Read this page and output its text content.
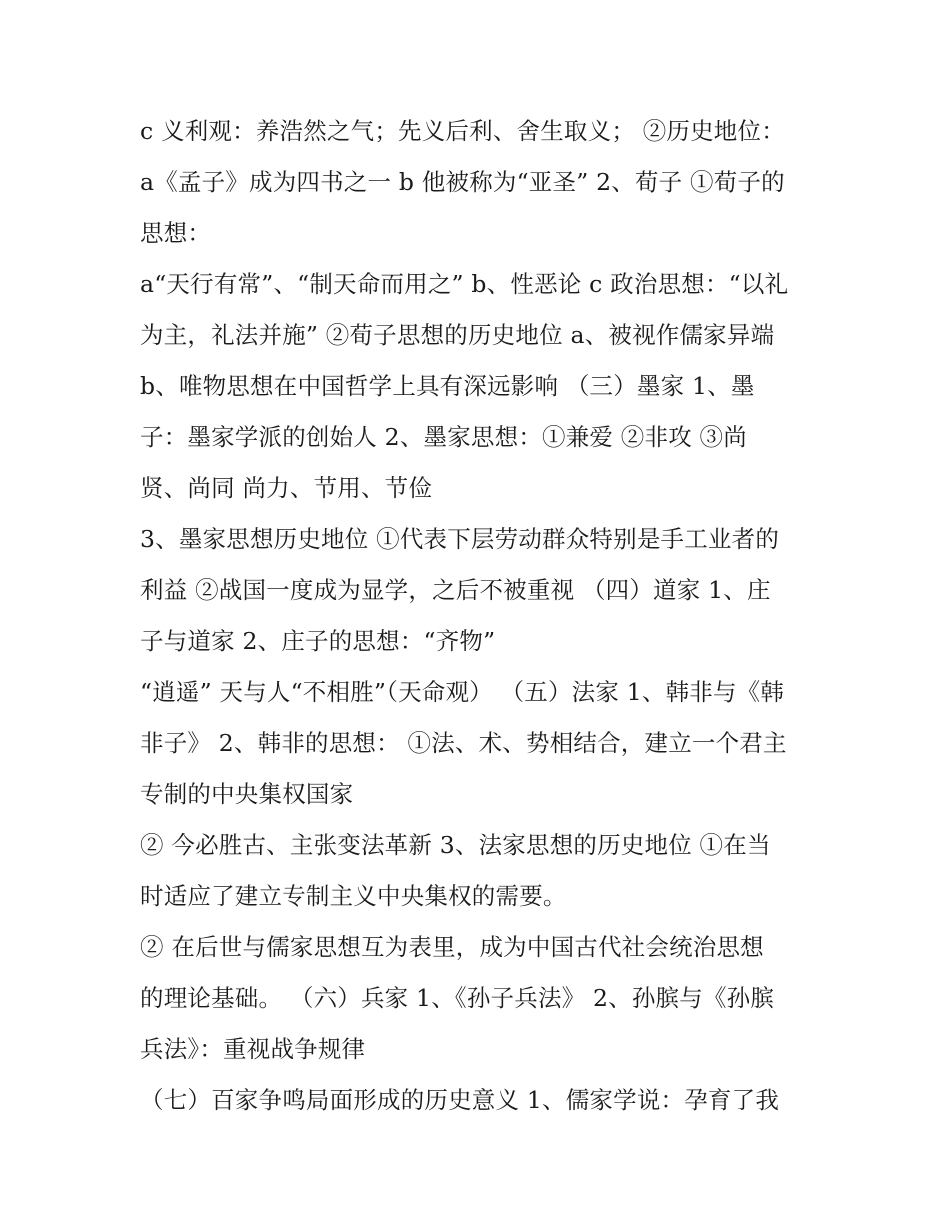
c 义利观：养浩然之气；先义后利、舍生取义； ②历史地位：
a《孟子》成为四书之一 b 他被称为“亚圣” 2、荀子 ①荀子的
思想：
a“天行有常”、“制天命而用之” b、性恶论 c 政治思想：“以礼
为主，礼法并施” ②荀子思想的历史地位 a、被视作儒家异端
b、唯物思想在中国哲学上具有深远影响 （三）墨家 1、墨
子：墨家学派的创始人 2、墨家思想：①兼爱 ②非攻 ③尚
贤、尚同 尚力、节用、节俭
3、墨家思想历史地位 ①代表下层劳动群众特别是手工业者的
利益 ②战国一度成为显学，之后不被重视 （四）道家 1、庄
子与道家 2、庄子的思想：“齐物”
“逍遥” 天与人“不相胜”（天命观） （五）法家 1、韩非与《韩
非子》 2、韩非的思想： ①法、术、势相结合，建立一个君主
专制的中央集权国家
② 今必胜古、主张变法革新 3、法家思想的历史地位 ①在当
时适应了建立专制主义中央集权的需要。
② 在后世与儒家思想互为表里，成为中国古代社会统治思想
的理论基础。 （六）兵家 1、《孙子兵法》 2、孙膑与《孙膑
兵法》：重视战争规律
（七）百家争鸣局面形成的历史意义 1、儒家学说：孕育了我
